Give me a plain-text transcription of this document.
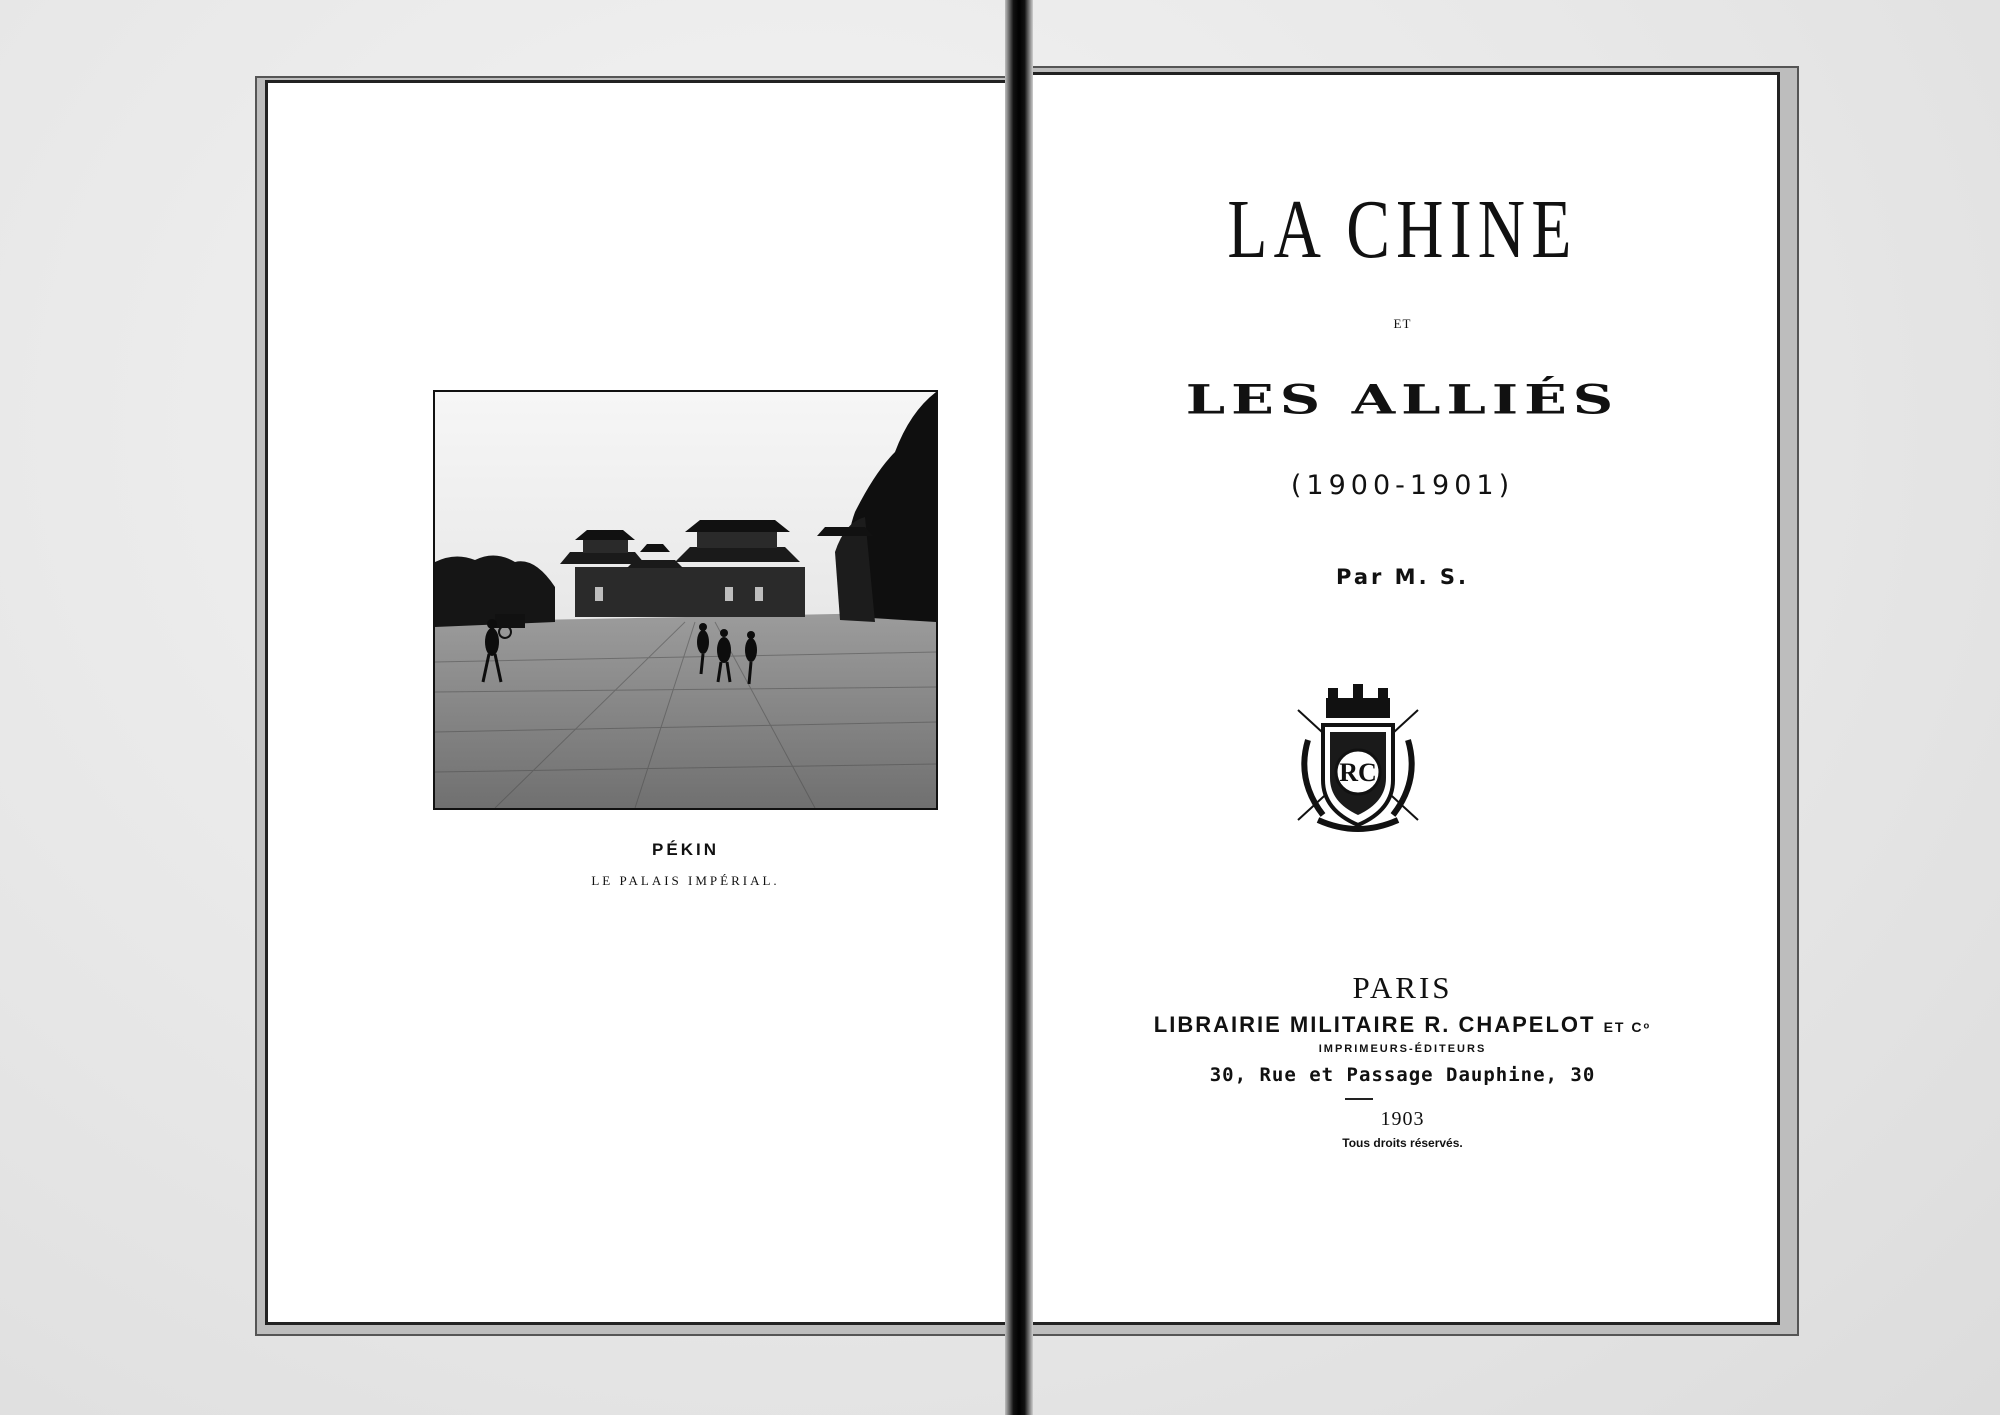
PÉKIN
LE PALAIS IMPÉRIAL.
LA CHINE
ET
LES ALLIÉS
(1900-1901)
Par M. S.
RC
PARIS
LIBRAIRIE MILITAIRE R. CHAPELOT ET Cᵒ
IMPRIMEURS-ÉDITEURS
30, Rue et Passage Dauphine, 30
1903
Tous droits réservés.
